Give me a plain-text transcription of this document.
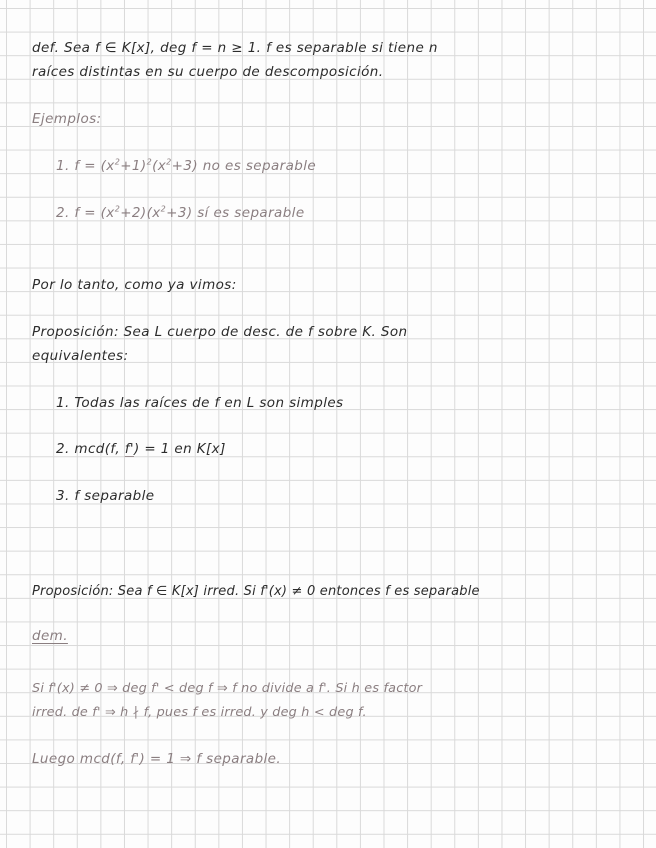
def. Sea f ∈ K[x], deg f = n ≥ 1. f es separable si tiene n
raíces distintas en su cuerpo de descomposición.
Ejemplos:
1. $f = (x^2+1)^2(x^2+3)$ no es separable
2. $f = (x^2+2)(x^2+3)$ sí es separable
Por lo tanto, como ya vimos:
Proposición: Sea L cuerpo de desc. de f sobre K. Son
equivalentes:
1. Todas las raíces de f en L son simples
2. mcd(f, f') = 1 en K[x]
3. f separable
Proposición: Sea f ∈ K[x] irred. Si f'(x) ≠ 0 entonces f es separable
dem.
Si f'(x) ≠ 0 ⇒ deg f' < deg f ⇒ f no divide a f'. Si h es factor
irred. de f' ⇒ h ∤ f, pues f es irred. y deg h < deg f.
Luego mcd(f, f') = 1 ⇒ f separable.
